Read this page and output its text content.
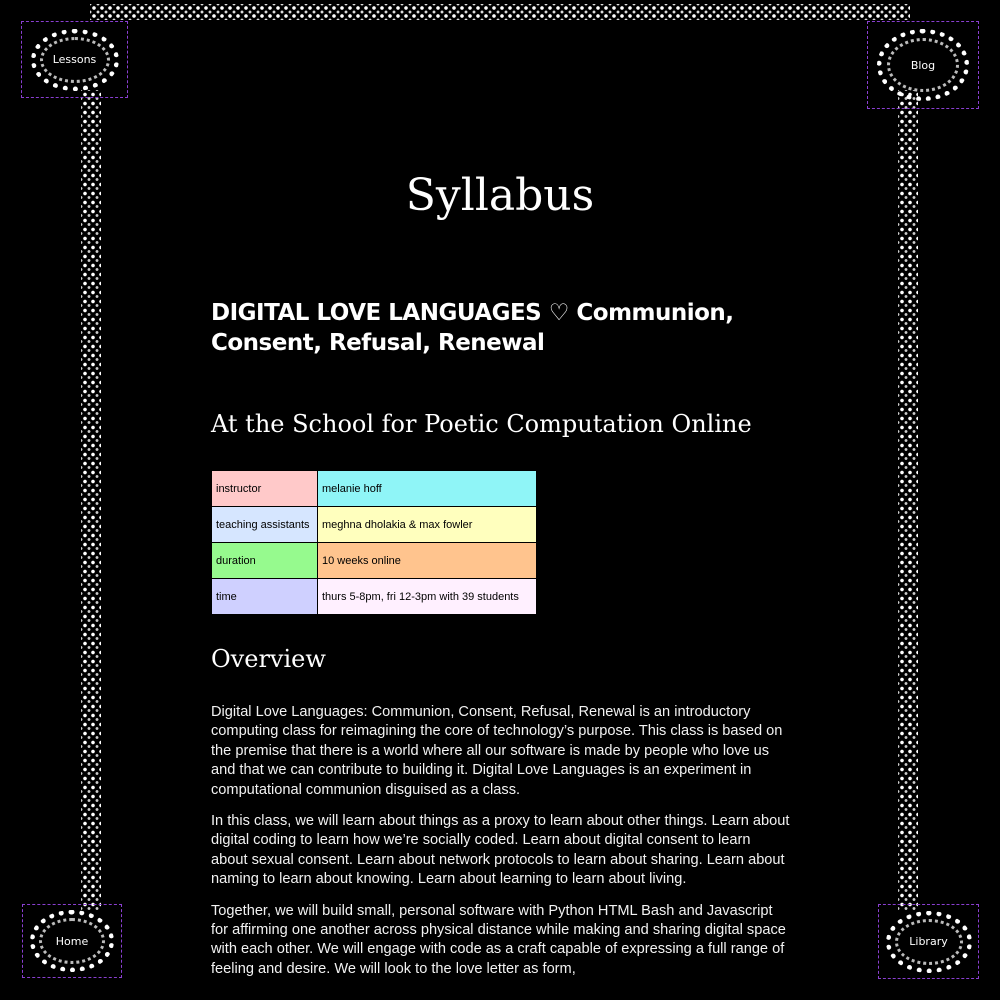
Lessons	Blog
Home	Library
Syllabus
DIGITAL LOVE LANGUAGES ♡ Communion, Consent, Refusal, Renewal
At the School for Poetic Computation Online
instructor	melanie hoff
teaching assistants	meghna dholakia & max fowler
duration	10 weeks online
time	thurs 5-8pm, fri 12-3pm with 39 students
Overview

Digital Love Languages: Communion, Consent, Refusal, Renewal is an introductory computing class for reimagining the core of technology’s purpose. This class is based on the premise that there is a world where all our software is made by people who love us and that we can contribute to building it. Digital Love Languages is an experiment in computational communion disguised as a class.

In this class, we will learn about things as a proxy to learn about other things. Learn about digital coding to learn how we’re socially coded. Learn about digital consent to learn about sexual consent. Learn about network protocols to learn about sharing. Learn about naming to learn about knowing. Learn about learning to learn about living.

Together, we will build small, personal software with Python HTML Bash and Javascript for affirming one another across physical distance while making and sharing digital space with each other. We will engage with code as a craft capable of expressing a full range of feeling and desire. We will look to the love letter as form,
